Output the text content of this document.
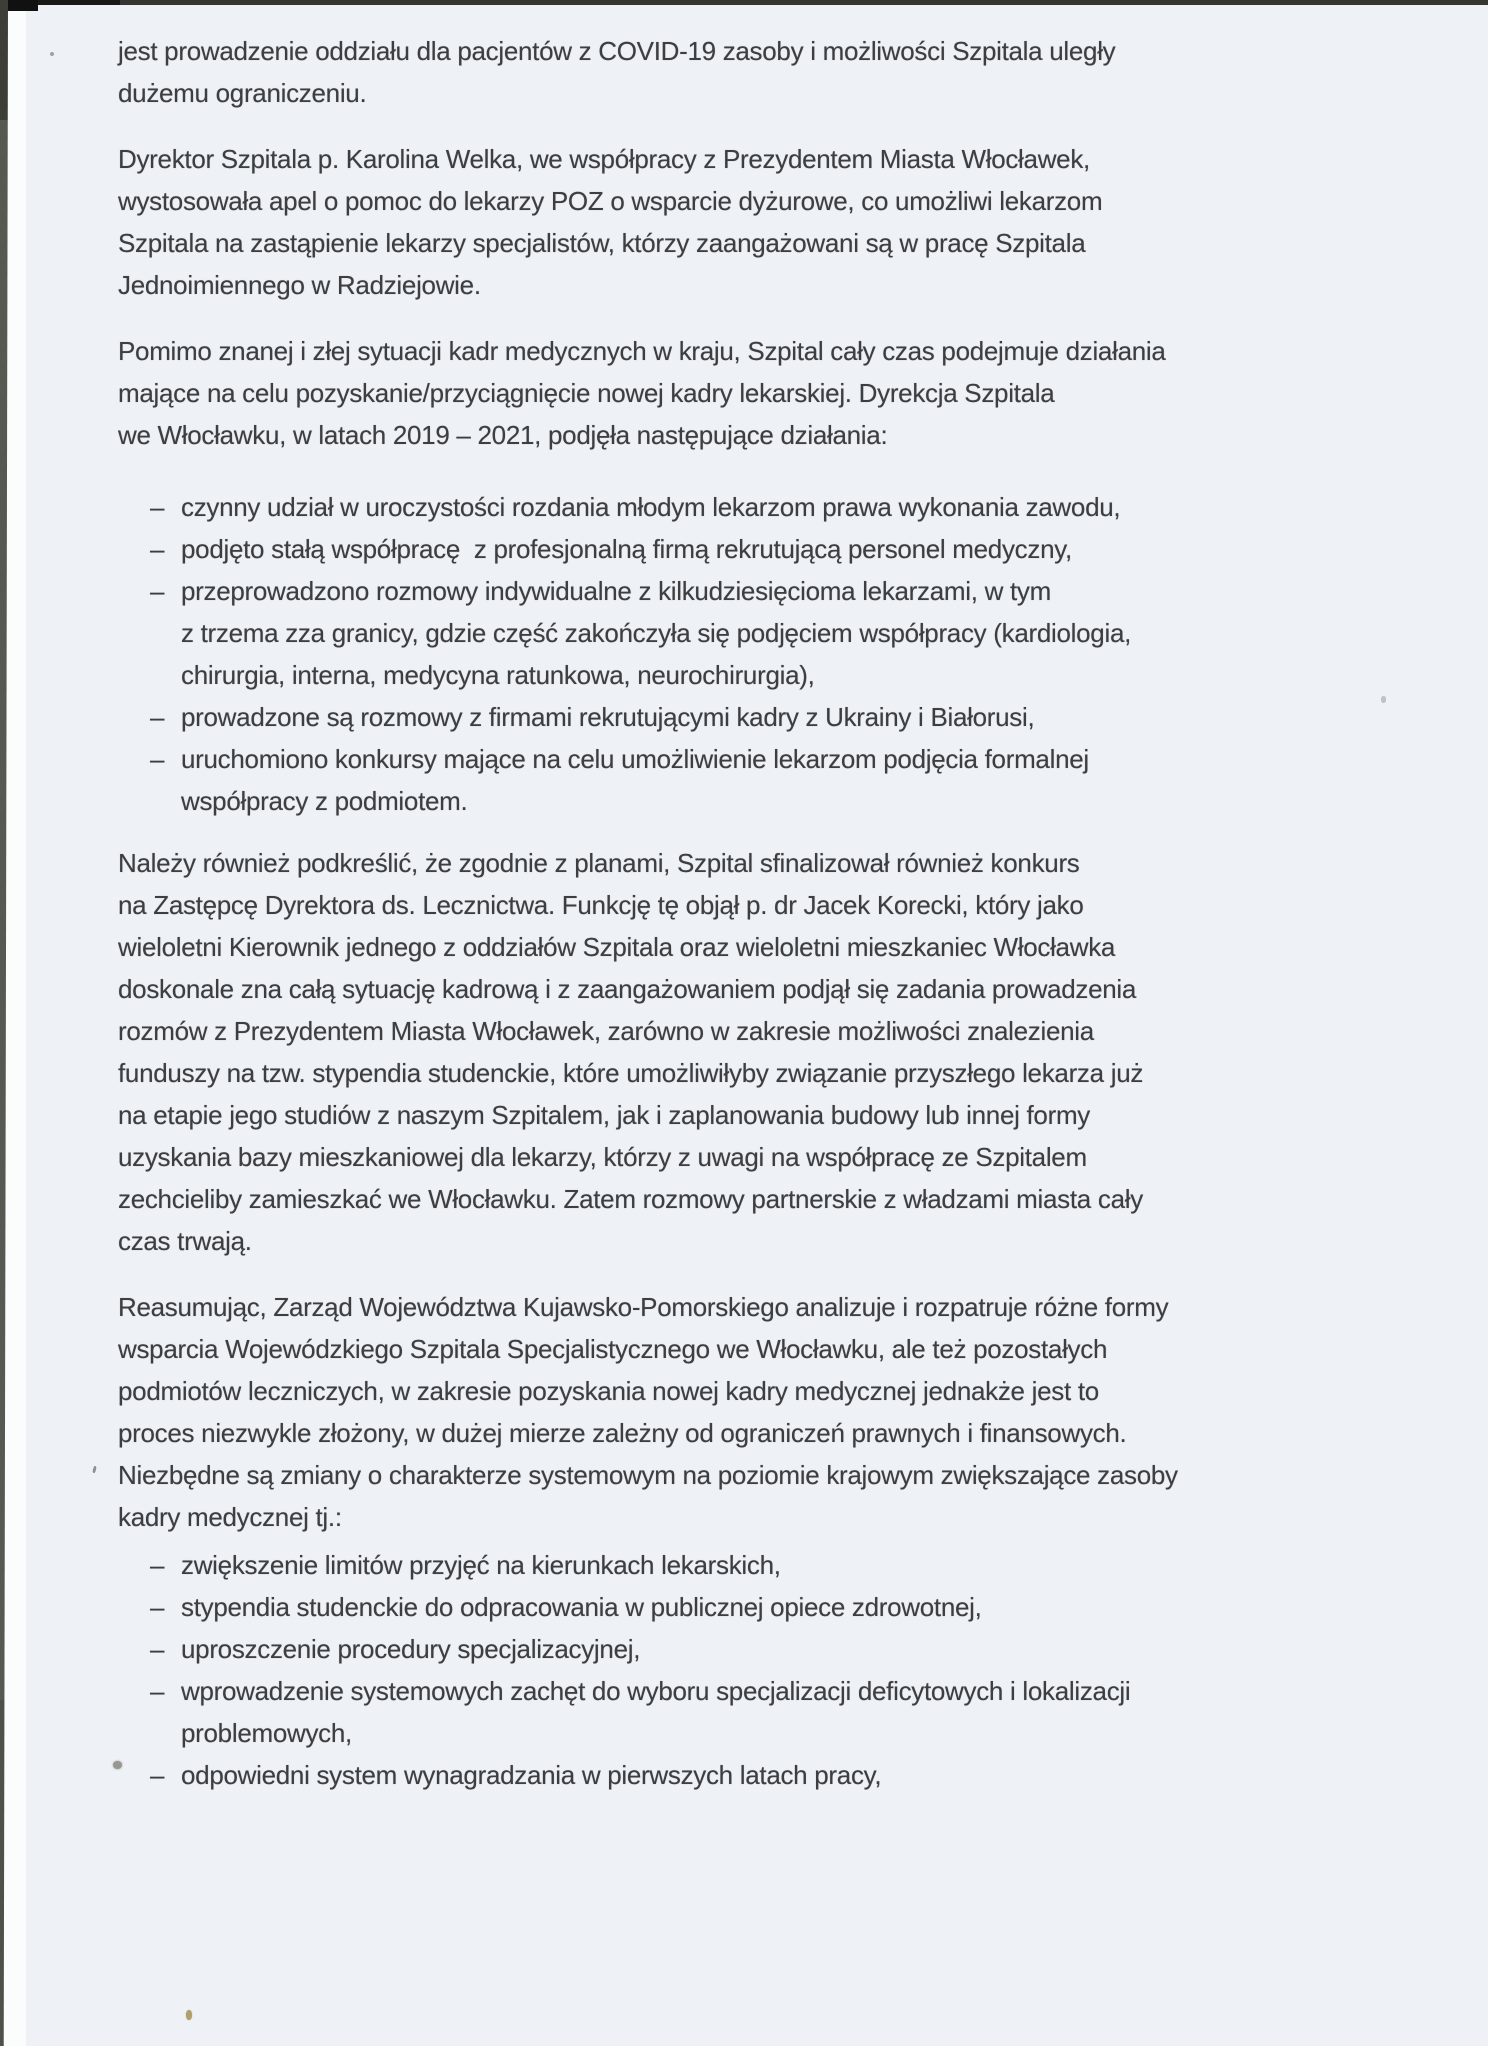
jest prowadzenie oddziału dla pacjentów z COVID-19 zasoby i możliwości Szpitala uległy
dużemu ograniczeniu.
Dyrektor Szpitala p. Karolina Welka, we współpracy z Prezydentem Miasta Włocławek,
wystosowała apel o pomoc do lekarzy POZ o wsparcie dyżurowe, co umożliwi lekarzom
Szpitala na zastąpienie lekarzy specjalistów, którzy zaangażowani są w pracę Szpitala
Jednoimiennego w Radziejowie.
Pomimo znanej i złej sytuacji kadr medycznych w kraju, Szpital cały czas podejmuje działania
mające na celu pozyskanie/przyciągnięcie nowej kadry lekarskiej. Dyrekcja Szpitala
we Włocławku, w latach 2019 – 2021, podjęła następujące działania:
– czynny udział w uroczystości rozdania młodym lekarzom prawa wykonania zawodu,
– podjęto stałą współpracę  z profesjonalną firmą rekrutującą personel medyczny,
– przeprowadzono rozmowy indywidualne z kilkudziesięcioma lekarzami, w tym
z trzema zza granicy, gdzie część zakończyła się podjęciem współpracy (kardiologia,
chirurgia, interna, medycyna ratunkowa, neurochirurgia),
– prowadzone są rozmowy z firmami rekrutującymi kadry z Ukrainy i Białorusi,
– uruchomiono konkursy mające na celu umożliwienie lekarzom podjęcia formalnej
współpracy z podmiotem.
Należy również podkreślić, że zgodnie z planami, Szpital sfinalizował również konkurs
na Zastępcę Dyrektora ds. Lecznictwa. Funkcję tę objął p. dr Jacek Korecki, który jako
wieloletni Kierownik jednego z oddziałów Szpitala oraz wieloletni mieszkaniec Włocławka
doskonale zna całą sytuację kadrową i z zaangażowaniem podjął się zadania prowadzenia
rozmów z Prezydentem Miasta Włocławek, zarówno w zakresie możliwości znalezienia
funduszy na tzw. stypendia studenckie, które umożliwiłyby związanie przyszłego lekarza już
na etapie jego studiów z naszym Szpitalem, jak i zaplanowania budowy lub innej formy
uzyskania bazy mieszkaniowej dla lekarzy, którzy z uwagi na współpracę ze Szpitalem
zechcieliby zamieszkać we Włocławku. Zatem rozmowy partnerskie z władzami miasta cały
czas trwają.
Reasumując, Zarząd Województwa Kujawsko-Pomorskiego analizuje i rozpatruje różne formy
wsparcia Wojewódzkiego Szpitala Specjalistycznego we Włocławku, ale też pozostałych
podmiotów leczniczych, w zakresie pozyskania nowej kadry medycznej jednakże jest to
proces niezwykle złożony, w dużej mierze zależny od ograniczeń prawnych i finansowych.
Niezbędne są zmiany o charakterze systemowym na poziomie krajowym zwiększające zasoby
kadry medycznej tj.:
– zwiększenie limitów przyjęć na kierunkach lekarskich,
– stypendia studenckie do odpracowania w publicznej opiece zdrowotnej,
– uproszczenie procedury specjalizacyjnej,
– wprowadzenie systemowych zachęt do wyboru specjalizacji deficytowych i lokalizacji
problemowych,
– odpowiedni system wynagradzania w pierwszych latach pracy,
